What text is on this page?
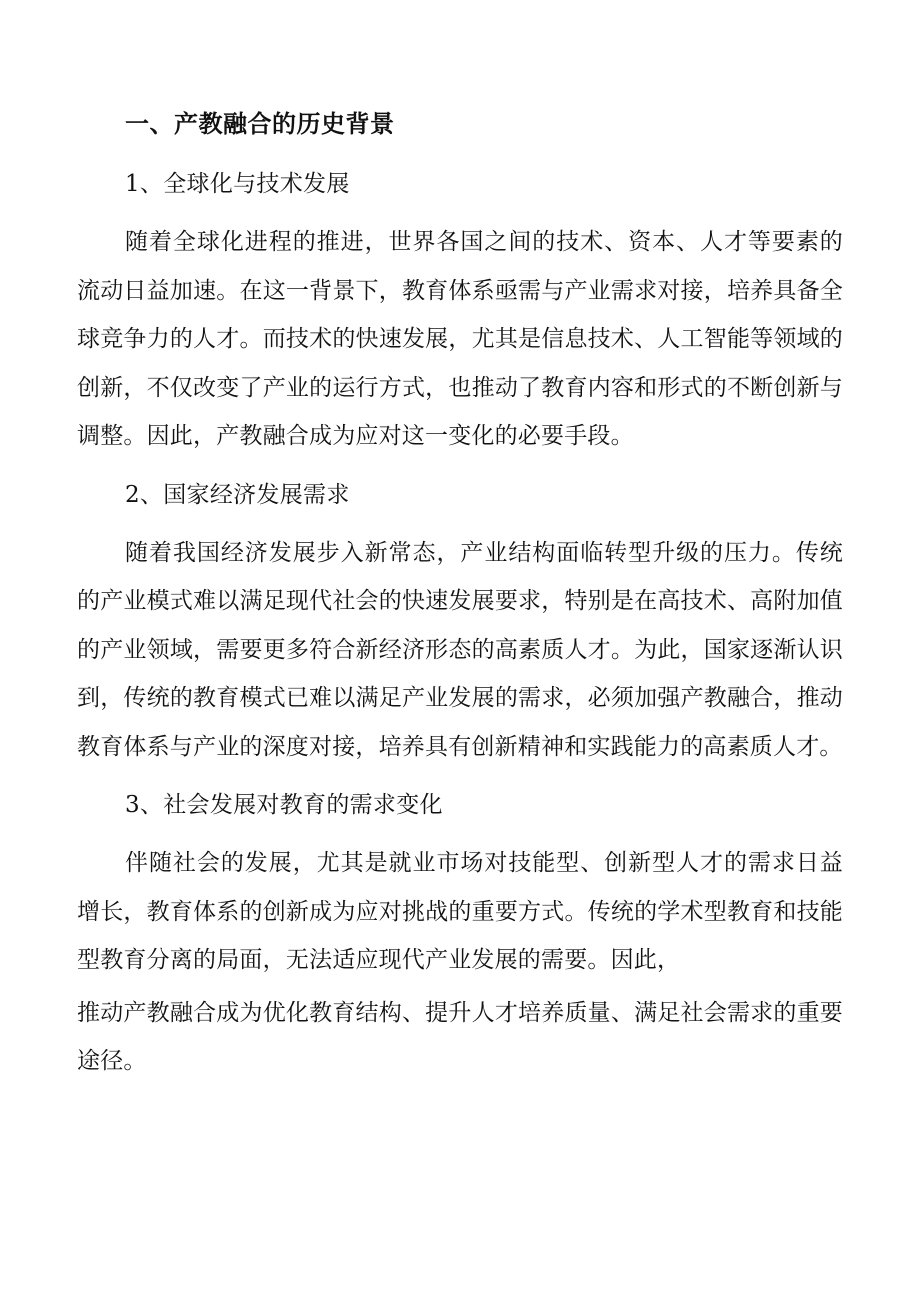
一、产教融合的历史背景
1、全球化与技术发展

随着全球化进程的推进，世界各国之间的技术、资本、人才等要素的流动日益加速。在这一背景下，教育体系亟需与产业需求对接，培养具备全球竞争力的人才。而技术的快速发展，尤其是信息技术、人工智能等领域的创新，不仅改变了产业的运行方式，也推动了教育内容和形式的不断创新与调整。因此，产教融合成为应对这一变化的必要手段。

2、国家经济发展需求

随着我国经济发展步入新常态，产业结构面临转型升级的压力。传统的产业模式难以满足现代社会的快速发展要求，特别是在高技术、高附加值的产业领域，需要更多符合新经济形态的高素质人才。为此，国家逐渐认识到，传统的教育模式已难以满足产业发展的需求，必须加强产教融合，推动教育体系与产业的深度对接，培养具有创新精神和实践能力的高素质人才。

3、社会发展对教育的需求变化

伴随社会的发展，尤其是就业市场对技能型、创新型人才的需求日益增长，教育体系的创新成为应对挑战的重要方式。传统的学术型教育和技能型教育分离的局面，无法适应现代产业发展的需要。因此，

推动产教融合成为优化教育结构、提升人才培养质量、满足社会需求的重要途径。
